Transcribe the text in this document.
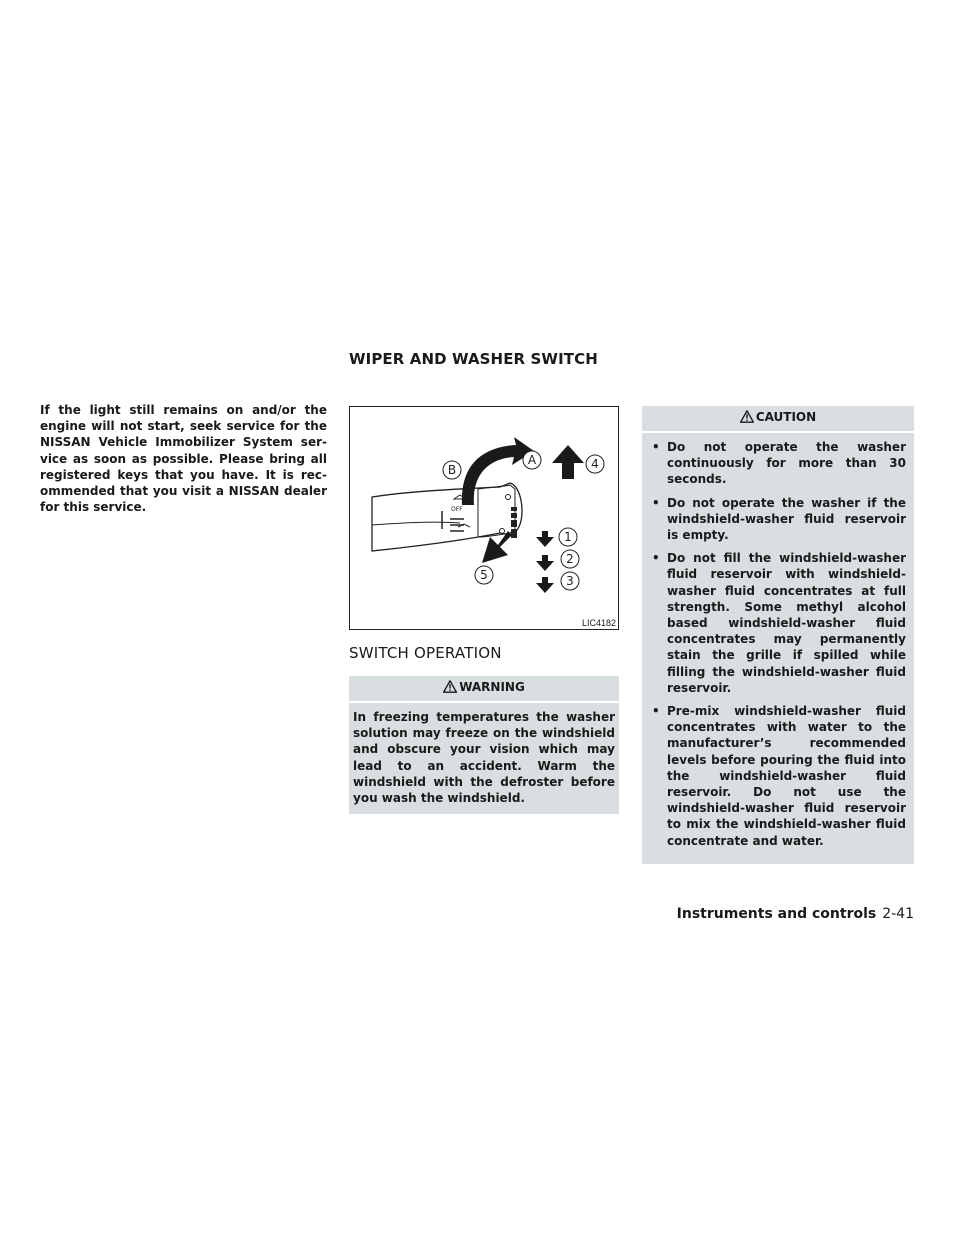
WIPER AND WASHER SWITCH

If the light still remains on and/or the engine will not start, seek service for the NISSAN Vehicle Immobilizer System service as soon as possible. Please bring all registered keys that you have. It is recommended that you visit a NISSAN dealer for this service.	OFF
B
A	4
1
2
3
5
LIC4182
SWITCH OPERATION
WARNING

In freezing temperatures the washer solution may freeze on the windshield and obscure your vision which may lead to an accident. Warm the windshield with the defroster before you wash the windshield.

CAUTION
• Do not operate the washer continuously for more than 30 seconds.
• Do not operate the washer if the windshield-washer fluid reservoir is empty.
• Do not fill the windshield-washer fluid reservoir with windshield-washer fluid concentrates at full strength. Some methyl alcohol based windshield-washer fluid concentrates may permanently stain the grille if spilled while filling the windshield-washer fluid reservoir.
• Pre-mix windshield-washer fluid concentrates with water to the manufacturer’s recommended levels before pouring the fluid into the windshield-washer fluid reservoir. Do not use the windshield-washer fluid reservoir to mix the windshield-washer fluid concentrate and water.
Instruments and controls 2-41
